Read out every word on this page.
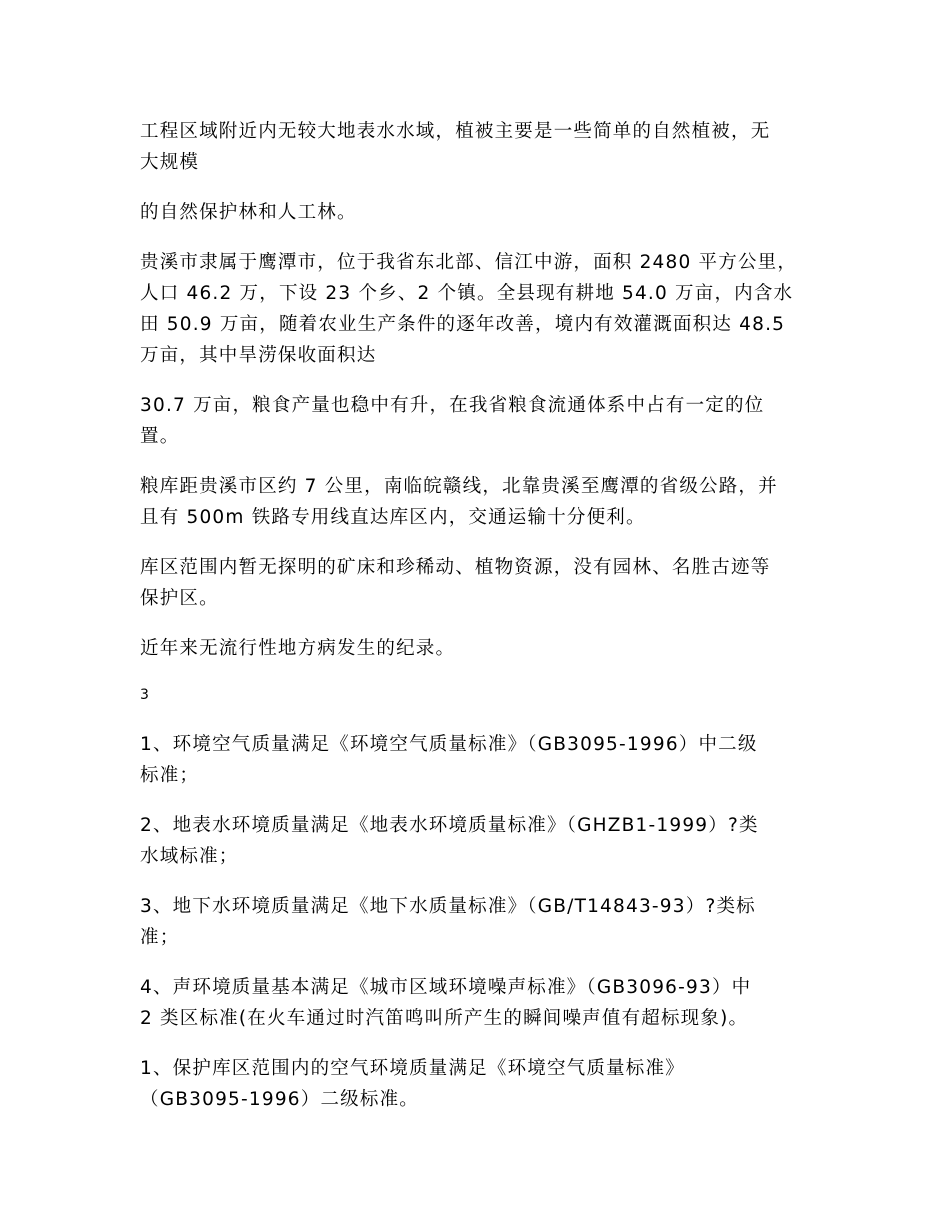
工程区域附近内无较大地表水水域，植被主要是一些简单的自然植被，无
大规模

的自然保护林和人工林。

贵溪市隶属于鹰潭市，位于我省东北部、信江中游，面积 2480 平方公里，
人口 46.2 万，下设 23 个乡、2 个镇。全县现有耕地 54.0 万亩，内含水
田 50.9 万亩，随着农业生产条件的逐年改善，境内有效灌溉面积达 48.5
万亩，其中旱涝保收面积达

30.7 万亩，粮食产量也稳中有升，在我省粮食流通体系中占有一定的位
置。

粮库距贵溪市区约 7 公里，南临皖赣线，北靠贵溪至鹰潭的省级公路，并
且有 500m 铁路专用线直达库区内，交通运输十分便利。

库区范围内暂无探明的矿床和珍稀动、植物资源，没有园林、名胜古迹等
保护区。

近年来无流行性地方病发生的纪录。

3

1、环境空气质量满足《环境空气质量标准》（GB3095-1996）中二级
标准；

2、地表水环境质量满足《地表水环境质量标准》（GHZB1-1999）?类
水域标准；

3、地下水环境质量满足《地下水质量标准》（GB/T14843-93）?类标
准；

4、声环境质量基本满足《城市区域环境噪声标准》（GB3096-93）中
2 类区标准(在火车通过时汽笛鸣叫所产生的瞬间噪声值有超标现象)。

1、保护库区范围内的空气环境质量满足《环境空气质量标准》
（GB3095-1996）二级标准。
